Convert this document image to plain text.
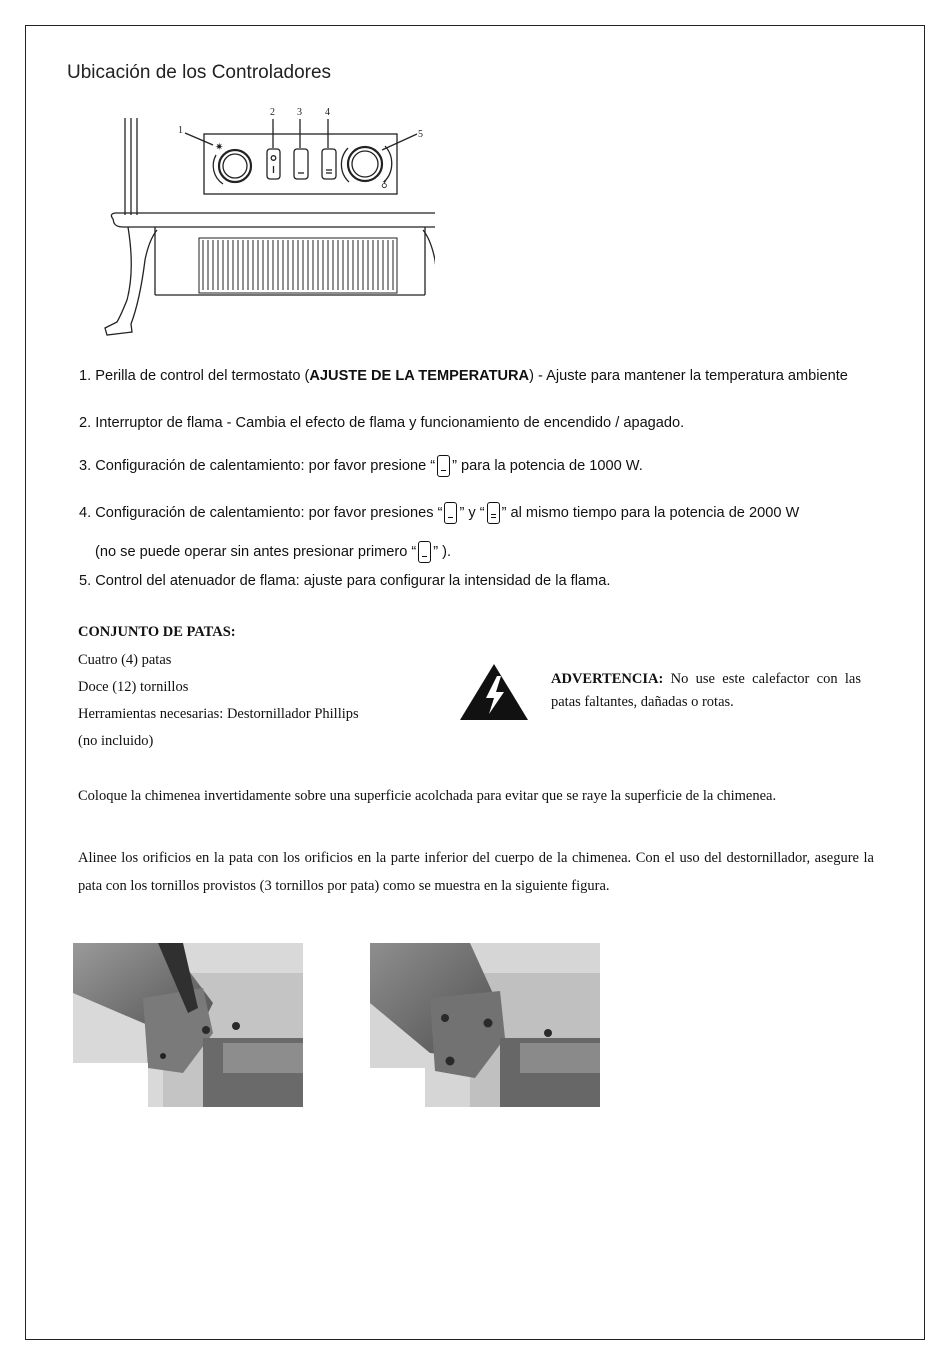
Ubicación de los Controladores
1
2 3 4
5
✷
♁
1. Perilla de control del termostato (AJUSTE DE LA TEMPERATURA) - Ajuste para mantener la temperatura ambiente
2. Interruptor de flama - Cambia el efecto de flama y funcionamiento de encendido / apagado.
3. Configuración de calentamiento: por favor presione “ ” para la potencia de 1000 W.
4. Configuración de calentamiento: por favor presiones “ ” y “ ” al mismo tiempo para la potencia de 2000 W
(no se puede operar sin antes presionar primero “ ” ).
5. Control del atenuador de flama: ajuste para configurar la intensidad de la flama.
CONJUNTO DE PATAS:
Cuatro (4) patas
Doce (12) tornillos
Herramientas necesarias: Destornillador Phillips
(no incluido)
ADVERTENCIA: No use este calefactor con las patas faltantes, dañadas o rotas.
Coloque la chimenea invertidamente sobre una superficie acolchada para evitar que se raye la superficie de la chimenea.
Alinee los orificios en la pata con los orificios en la parte inferior del cuerpo de la chimenea. Con el uso del destornillador, asegure la pata con los tornillos provistos (3 tornillos por pata) como se muestra en la siguiente figura.
